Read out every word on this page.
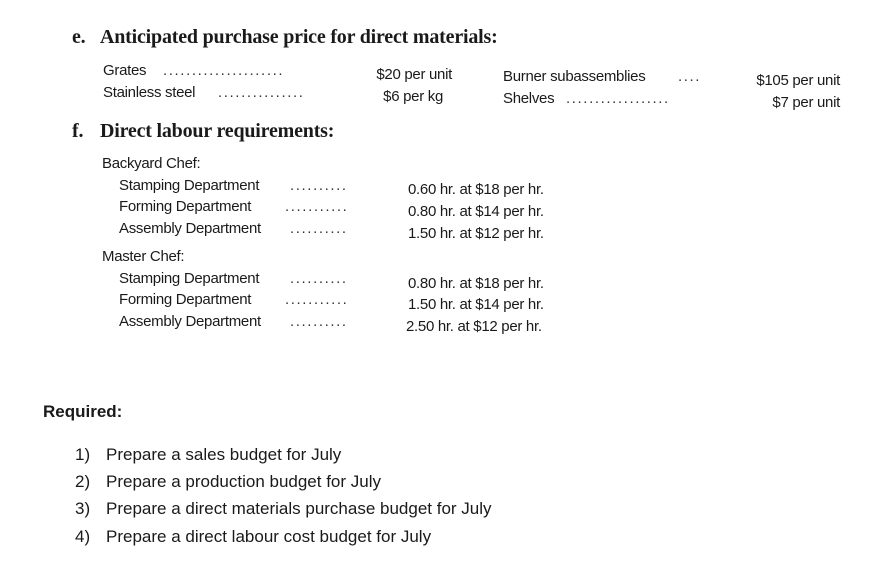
e. Anticipated purchase price for direct materials:
Grates .....................	$20 per unit
Stainless steel ...............	$6 per kg
Burner subassemblies ....	$105 per unit
Shelves ..................	$7 per unit
f. Direct labour requirements:
Backyard Chef:
Stamping Department ..........	0.60 hr. at $18 per hr.
Forming Department ...........	0.80 hr. at $14 per hr.
Assembly Department ..........	1.50 hr. at $12 per hr.
Master Chef:
Stamping Department ..........	0.80 hr. at $18 per hr.
Forming Department ...........	1.50 hr. at $14 per hr.
Assembly Department ..........	2.50 hr. at $12 per hr.
Required:
1) Prepare a sales budget for July
2) Prepare a production budget for July
3) Prepare a direct materials purchase budget for July
4) Prepare a direct labour cost budget for July
